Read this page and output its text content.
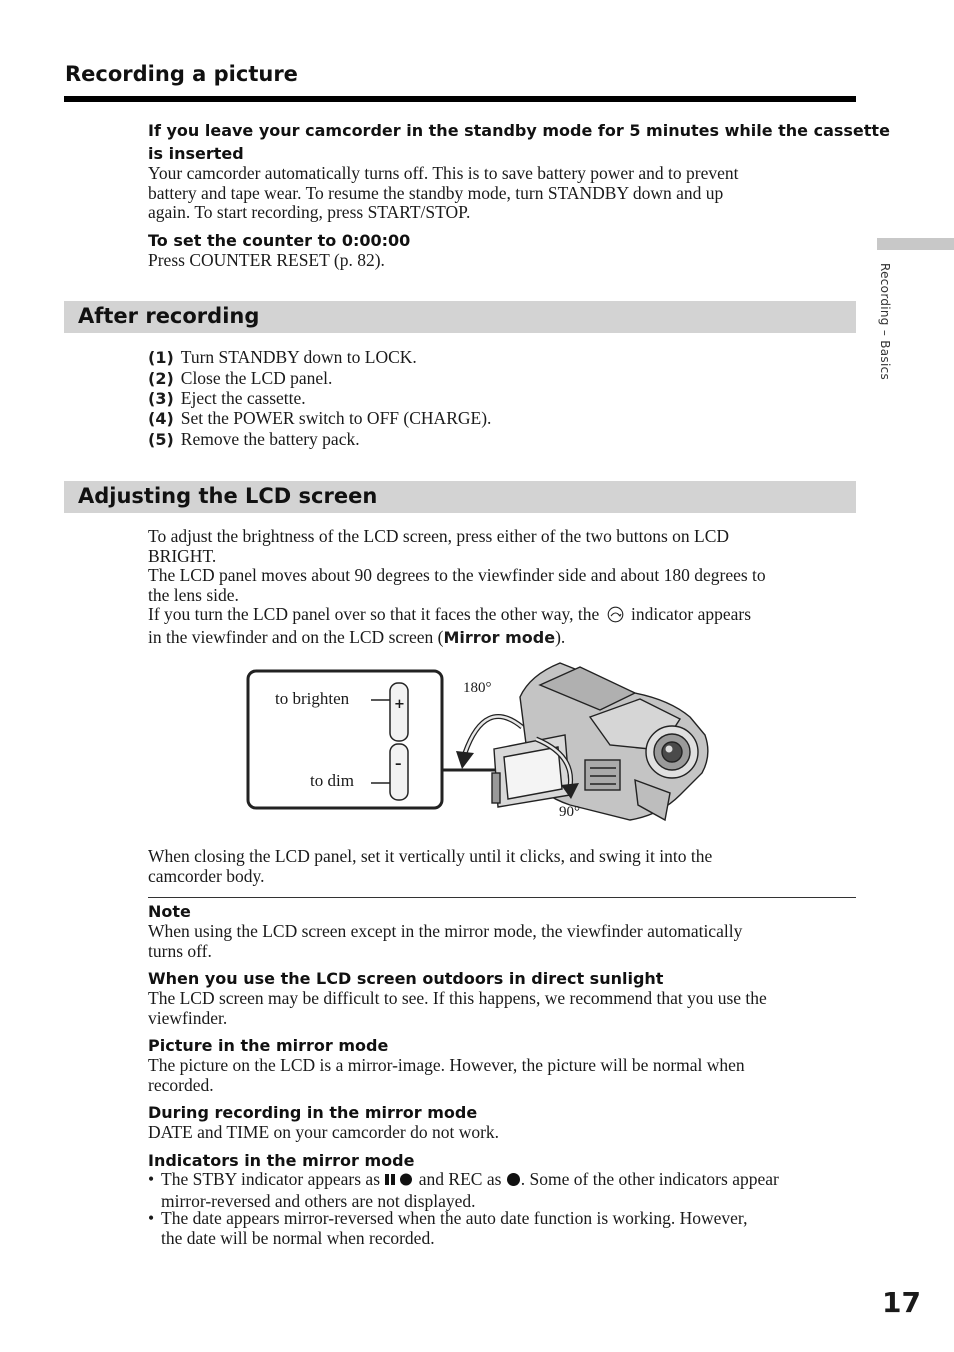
Recording a picture
If you leave your camcorder in the standby mode for 5 minutes while the cassette
is inserted
Your camcorder automatically turns off. This is to save battery power and to prevent
battery and tape wear. To resume the standby mode, turn STANDBY down and up
again. To start recording, press START/STOP.
To set the counter to 0:00:00
Press COUNTER RESET (p. 82).
After recording
(1) Turn STANDBY down to LOCK.
(2) Close the LCD panel.
(3) Eject the cassette.
(4) Set the POWER switch to OFF (CHARGE).
(5) Remove the battery pack.
Adjusting the LCD screen
To adjust the brightness of the LCD screen, press either of the two buttons on LCD
BRIGHT.
The LCD panel moves about 90 degrees to the viewfinder side and about 180 degrees to
the lens side.
If you turn the LCD panel over so that it faces the other way, the indicator appears
in the viewfinder and on the LCD screen (Mirror mode).
to brighten
to dim
+
–
180°
90°
When closing the LCD panel, set it vertically until it clicks, and swing it into the
camcorder body.
Note
When using the LCD screen except in the mirror mode, the viewfinder automatically
turns off.
When you use the LCD screen outdoors in direct sunlight
The LCD screen may be difficult to see. If this happens, we recommend that you use the
viewfinder.
Picture in the mirror mode
The picture on the LCD is a mirror-image. However, the picture will be normal when
recorded.
During recording in the mirror mode
DATE and TIME on your camcorder do not work.
Indicators in the mirror mode
• The STBY indicator appears as and REC as . Some of the other indicators appear
mirror-reversed and others are not displayed.
• The date appears mirror-reversed when the auto date function is working. However,
the date will be normal when recorded.
Recording – Basics
17
